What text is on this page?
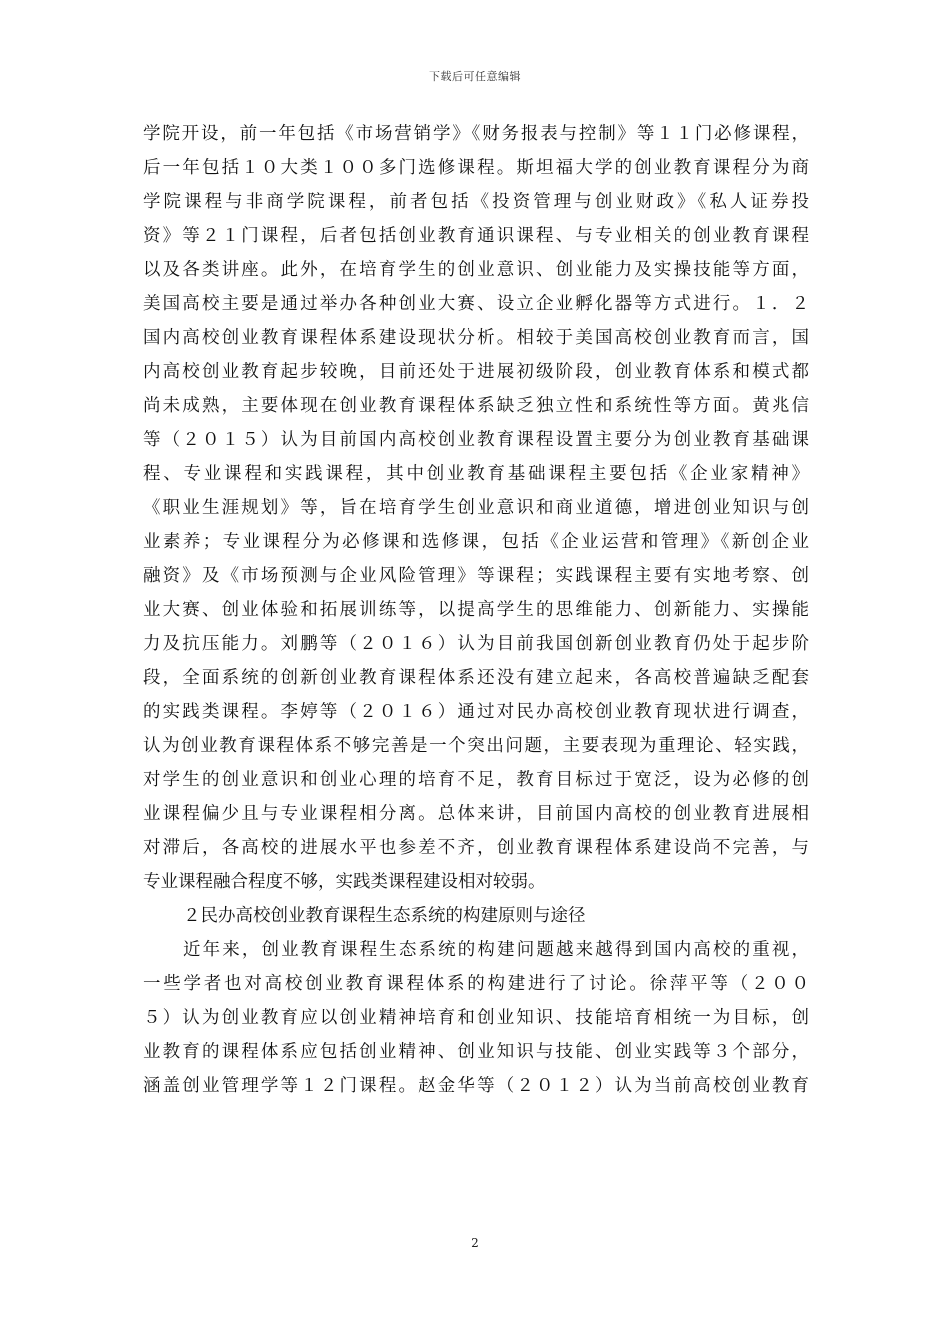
下载后可任意编辑
学院开设，前一年包括《市场营销学》《财务报表与控制》等１１门必修课程，
后一年包括１０大类１００多门选修课程。斯坦福大学的创业教育课程分为商
学院课程与非商学院课程，前者包括《投资管理与创业财政》《私人证券投
资》等２１门课程，后者包括创业教育通识课程、与专业相关的创业教育课程
以及各类讲座。此外，在培育学生的创业意识、创业能力及实操技能等方面，
美国高校主要是通过举办各种创业大赛、设立企业孵化器等方式进行。１．２
国内高校创业教育课程体系建设现状分析。相较于美国高校创业教育而言，国
内高校创业教育起步较晚，目前还处于进展初级阶段，创业教育体系和模式都
尚未成熟，主要体现在创业教育课程体系缺乏独立性和系统性等方面。黄兆信
等（２０１５）认为目前国内高校创业教育课程设置主要分为创业教育基础课
程、专业课程和实践课程，其中创业教育基础课程主要包括《企业家精神》
《职业生涯规划》等，旨在培育学生创业意识和商业道德，增进创业知识与创
业素养；专业课程分为必修课和选修课，包括《企业运营和管理》《新创企业
融资》及《市场预测与企业风险管理》等课程；实践课程主要有实地考察、创
业大赛、创业体验和拓展训练等，以提高学生的思维能力、创新能力、实操能
力及抗压能力。刘鹏等（２０１６）认为目前我国创新创业教育仍处于起步阶
段，全面系统的创新创业教育课程体系还没有建立起来，各高校普遍缺乏配套
的实践类课程。李婷等（２０１６）通过对民办高校创业教育现状进行调查，
认为创业教育课程体系不够完善是一个突出问题，主要表现为重理论、轻实践，
对学生的创业意识和创业心理的培育不足，教育目标过于宽泛，设为必修的创
业课程偏少且与专业课程相分离。总体来讲，目前国内高校的创业教育进展相
对滞后，各高校的进展水平也参差不齐，创业教育课程体系建设尚不完善，与
专业课程融合程度不够，实践类课程建设相对较弱。
２民办高校创业教育课程生态系统的构建原则与途径
近年来，创业教育课程生态系统的构建问题越来越得到国内高校的重视，
一些学者也对高校创业教育课程体系的构建进行了讨论。徐萍平等（２００
５）认为创业教育应以创业精神培育和创业知识、技能培育相统一为目标，创
业教育的课程体系应包括创业精神、创业知识与技能、创业实践等３个部分，
涵盖创业管理学等１２门课程。赵金华等（２０１２）认为当前高校创业教育
2
